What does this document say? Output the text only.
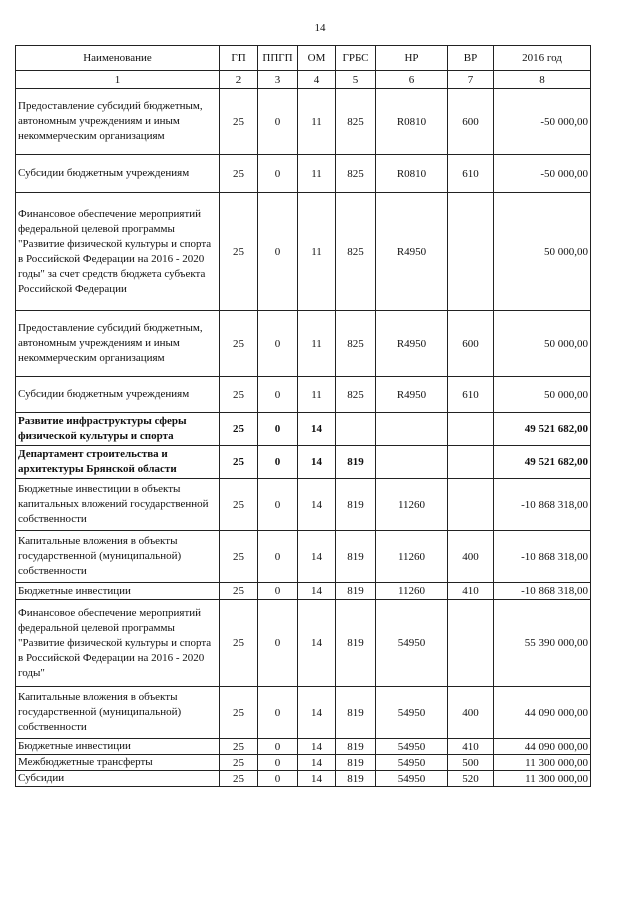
14
Наименование	ГП	ППГП	ОМ	ГРБС	НР	ВР	2016 год
1	2	3	4	5	6	7	8
Предоставление субсидий бюджетным, автономным учреждениям и иным некоммерческим организациям	25	0	11	825	R0810	600	-50 000,00
Субсидии бюджетным учреждениям	25	0	11	825	R0810	610	-50 000,00
Финансовое обеспечение мероприятий федеральной целевой программы "Развитие физической культуры и спорта в Российской Федерации на 2016 - 2020 годы" за счет средств бюджета субъекта Российской Федерации	25	0	11	825	R4950		50 000,00
Предоставление субсидий бюджетным, автономным учреждениям и иным некоммерческим организациям	25	0	11	825	R4950	600	50 000,00
Субсидии бюджетным учреждениям	25	0	11	825	R4950	610	50 000,00
Развитие инфраструктуры сферы физической культуры и спорта	25	0	14				49 521 682,00
Департамент строительства и архитектуры Брянской области	25	0	14	819			49 521 682,00
Бюджетные инвестиции в объекты капитальных вложений государственной собственности	25	0	14	819	11260		-10 868 318,00
Капитальные вложения в объекты государственной (муниципальной) собственности	25	0	14	819	11260	400	-10 868 318,00
Бюджетные инвестиции	25	0	14	819	11260	410	-10 868 318,00
Финансовое обеспечение мероприятий федеральной целевой программы "Развитие физической культуры и спорта в Российской Федерации на 2016 - 2020 годы"	25	0	14	819	54950		55 390 000,00
Капитальные вложения в объекты государственной (муниципальной) собственности	25	0	14	819	54950	400	44 090 000,00
Бюджетные инвестиции	25	0	14	819	54950	410	44 090 000,00
Межбюджетные трансферты	25	0	14	819	54950	500	11 300 000,00
Субсидии	25	0	14	819	54950	520	11 300 000,00
